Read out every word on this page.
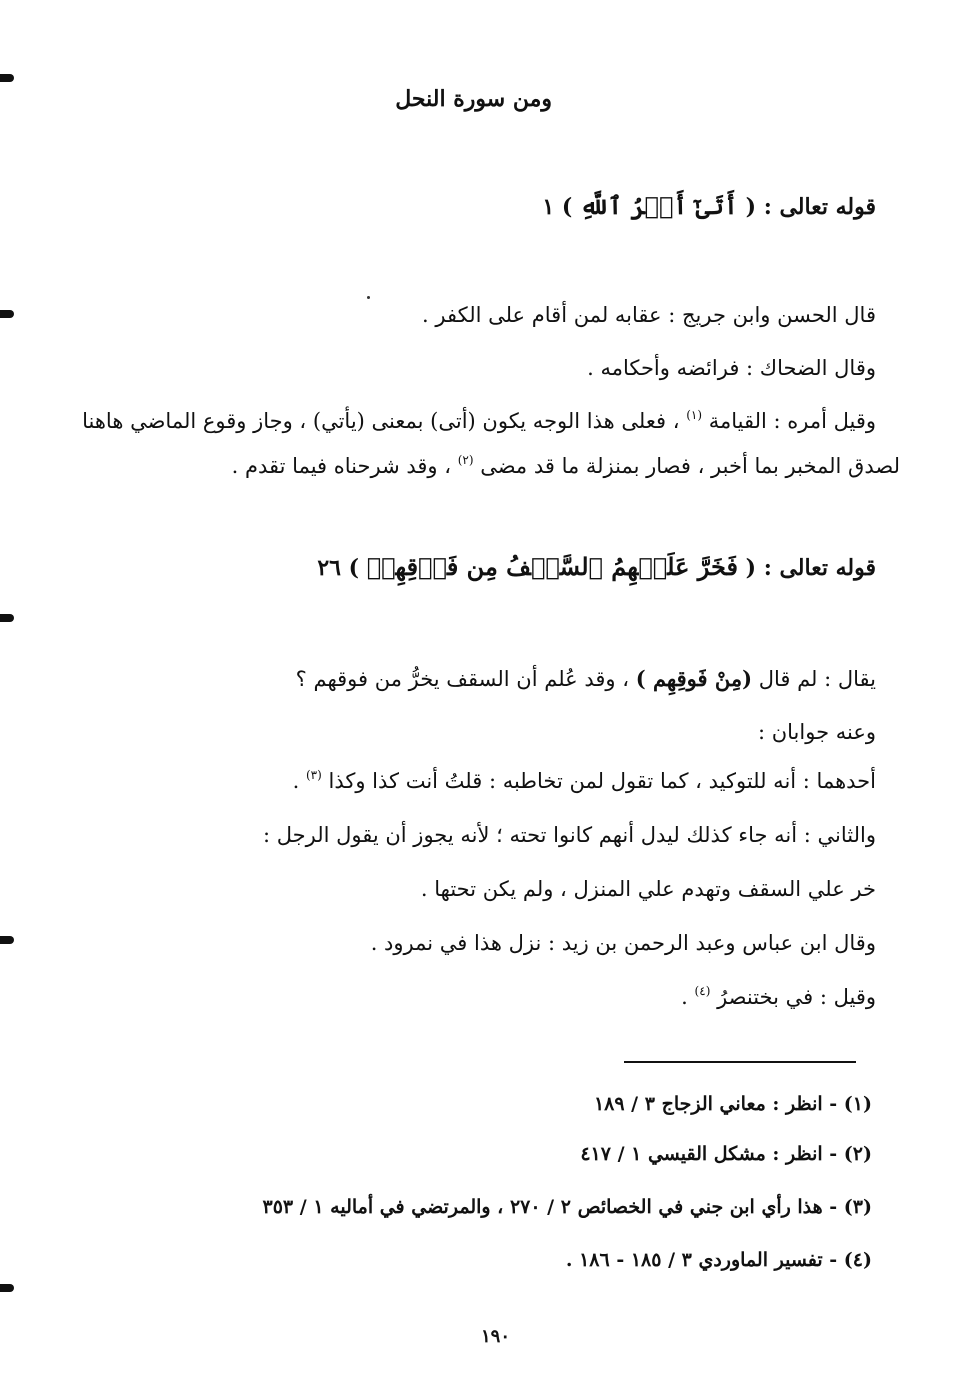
ومن سورة النحل
قوله تعالى : ( أَتَىٰٓ أَمۡرُ ٱللَّهِ ) ١
قال الحسن وابن جريج : عقابه لمن أقام على الكفر .
وقال الضحاك : فرائضه وأحكامه .
وقيل أمره : القيامة $^{(١)}$ ، فعلى هذا الوجه يكون (أتى) بمعنى (يأتي) ، وجاز وقوع الماضي هاهنا
لصدق المخبر بما أخبر ، فصار بمنزلة ما قد مضى $^{(٢)}$ ، وقد شرحناه فيما تقدم .
قوله تعالى : ( فَخَرَّ عَلَيۡهِمُ ٱلسَّقۡفُ مِن فَوۡقِهِمۡ ) ٢٦
يقال : لم قال (مِنْ فَوقِهِم ) ، وقد عُلم أن السقف يخرُّ من فوقهم ؟
وعنه جوابان :
أحدهما : أنه للتوكيد ، كما تقول لمن تخاطبه : قلتُ أنت كذا وكذا $^{(٣)}$ .
والثاني : أنه جاء كذلك ليدل أنهم كانوا تحته ؛ لأنه يجوز أن يقول الرجل :
خر علي السقف وتهدم علي المنزل ، ولم يكن تحتها .
وقال ابن عباس وعبد الرحمن بن زيد : نزل هذا في نمرود .
وقيل : في بختنصرُ $^{(٤)}$ .
(١) - انظر : معاني الزجاج ٣ / ١٨٩
(٢) - انظر : مشكل القيسي ١ / ٤١٧
(٣) - هذا رأي ابن جني في الخصائص ٢ / ٢٧٠ ، والمرتضي في أماليه ١ / ٣٥٣
(٤) - تفسير الماوردي ٣ / ١٨٥ - ١٨٦ .
١٩٠
